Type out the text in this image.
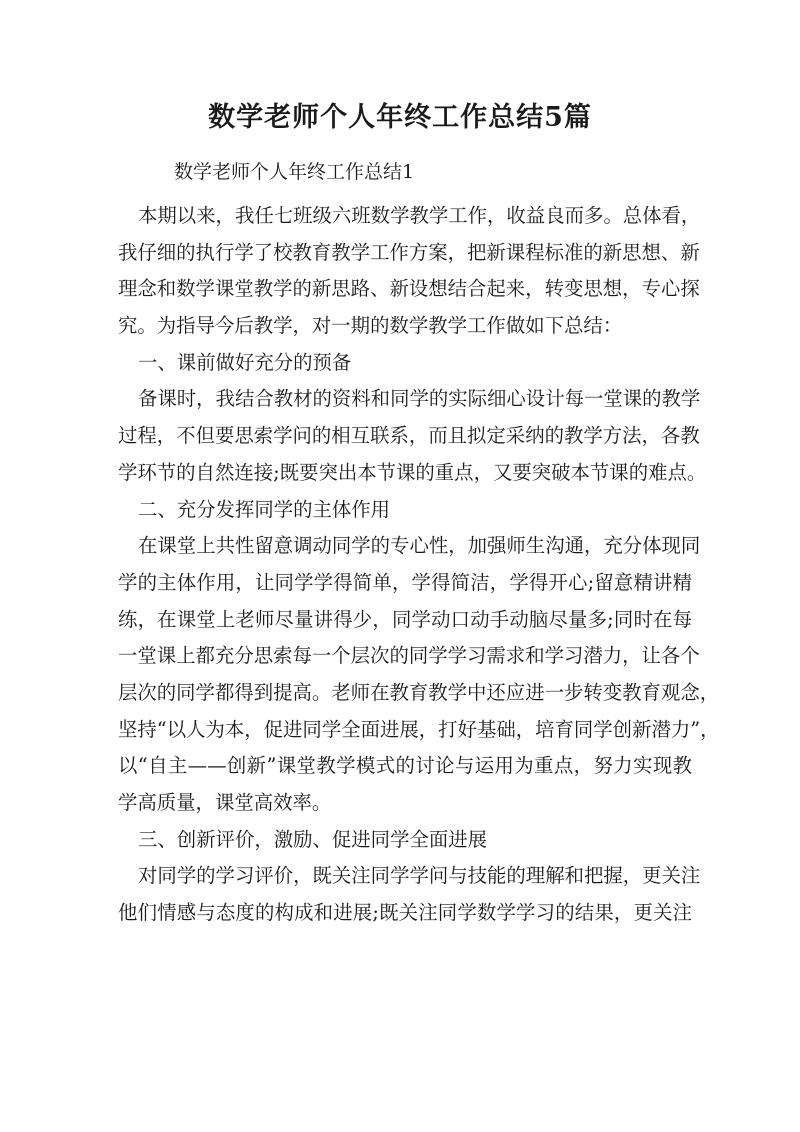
数学老师个人年终工作总结5篇

数学老师个人年终工作总结1

本期以来，我任七班级六班数学教学工作，收益良而多。总体看，
我仔细的执行学了校教育教学工作方案，把新课程标准的新思想、新
理念和数学课堂教学的新思路、新设想结合起来，转变思想，专心探
究。为指导今后教学，对一期的数学教学工作做如下总结：
一、课前做好充分的预备
备课时，我结合教材的资料和同学的实际细心设计每一堂课的教学
过程，不但要思索学问的相互联系，而且拟定采纳的教学方法，各教
学环节的自然连接;既要突出本节课的重点，又要突破本节课的难点。
二、充分发挥同学的主体作用
在课堂上共性留意调动同学的专心性，加强师生沟通，充分体现同
学的主体作用，让同学学得简单，学得简洁，学得开心;留意精讲精
练，在课堂上老师尽量讲得少，同学动口动手动脑尽量多;同时在每
一堂课上都充分思索每一个层次的同学学习需求和学习潜力，让各个
层次的同学都得到提高。老师在教育教学中还应进一步转变教育观念，
坚持“以人为本，促进同学全面进展，打好基础，培育同学创新潜力”，
以“自主——创新”课堂教学模式的讨论与运用为重点，努力实现教
学高质量，课堂高效率。
三、创新评价，激励、促进同学全面进展
对同学的学习评价，既关注同学学问与技能的理解和把握，更关注
他们情感与态度的构成和进展;既关注同学数学学习的结果，更关注
